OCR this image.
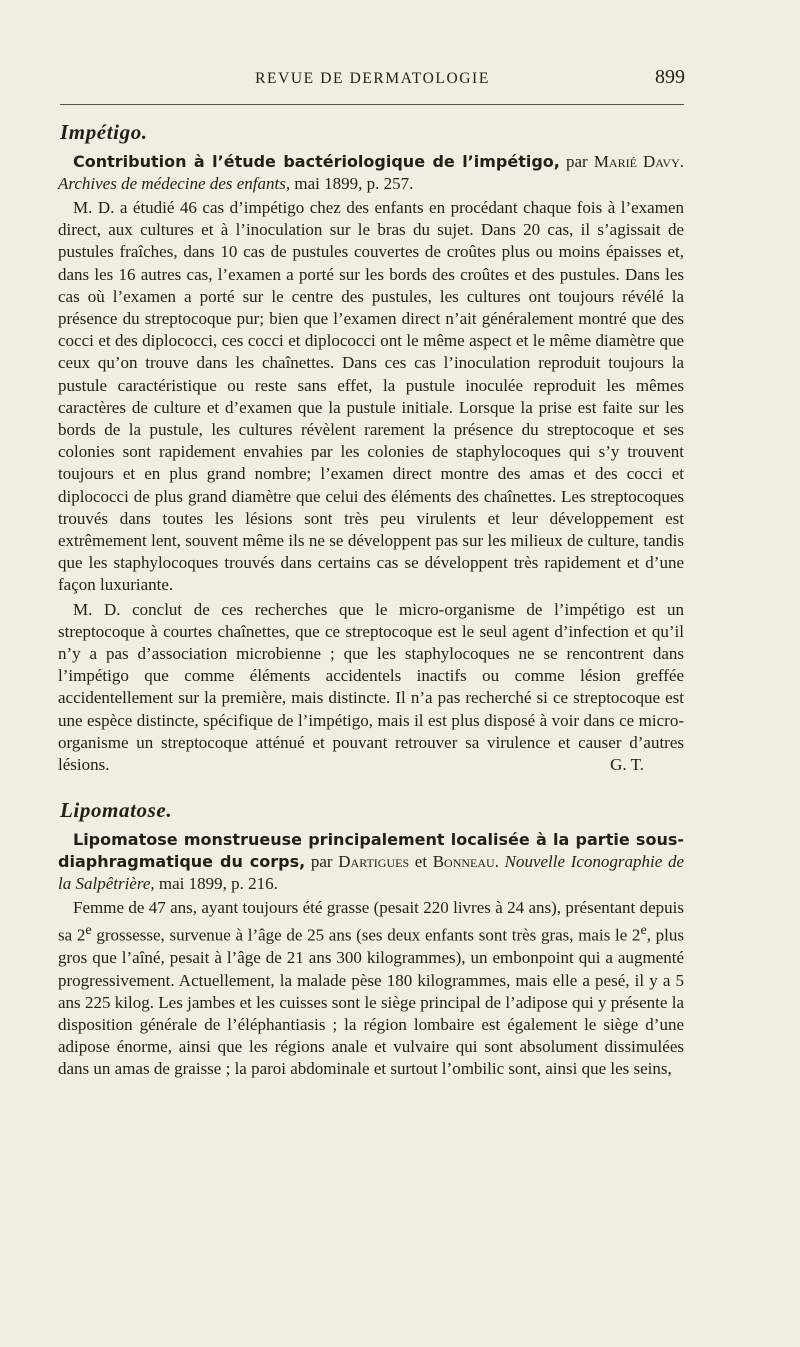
REVUE DE DERMATOLOGIE	899
Impétigo.

Contribution à l’étude bactériologique de l’impétigo, par Marié Davy. Archives de médecine des enfants, mai 1899, p. 257.

M. D. a étudié 46 cas d’impétigo chez des enfants en procédant chaque fois à l’examen direct, aux cultures et à l’inoculation sur le bras du sujet. Dans 20 cas, il s’agissait de pustules fraîches, dans 10 cas de pustules couvertes de croûtes plus ou moins épaisses et, dans les 16 autres cas, l’examen a porté sur les bords des croûtes et des pustules. Dans les cas où l’examen a porté sur le centre des pustules, les cultures ont toujours révélé la présence du streptocoque pur; bien que l’examen direct n’ait généralement montré que des cocci et des diplococci, ces cocci et diplococci ont le même aspect et le même diamètre que ceux qu’on trouve dans les chaînettes. Dans ces cas l’inoculation reproduit toujours la pustule caractéristique ou reste sans effet, la pustule inoculée reproduit les mêmes caractères de culture et d’examen que la pustule initiale. Lorsque la prise est faite sur les bords de la pustule, les cultures révèlent rarement la présence du streptocoque et ses colonies sont rapidement envahies par les colonies de staphylocoques qui s’y trouvent toujours et en plus grand nombre; l’examen direct montre des amas et des cocci et diplococci de plus grand diamètre que celui des éléments des chaînettes. Les streptocoques trouvés dans toutes les lésions sont très peu virulents et leur développement est extrêmement lent, souvent même ils ne se développent pas sur les milieux de culture, tandis que les staphylocoques trouvés dans certains cas se développent très rapidement et d’une façon luxuriante.

M. D. conclut de ces recherches que le micro-organisme de l’impétigo est un streptocoque à courtes chaînettes, que ce streptocoque est le seul agent d’infection et qu’il n’y a pas d’association microbienne ; que les staphylocoques ne se rencontrent dans l’impétigo que comme éléments accidentels inactifs ou comme lésion greffée accidentellement sur la première, mais distincte. Il n’a pas recherché si ce streptocoque est une espèce distincte, spécifique de l’impétigo, mais il est plus disposé à voir dans ce micro-organisme un streptocoque atténué et pouvant retrouver sa virulence et causer d’autres lésions.	G. T.

Lipomatose.

Lipomatose monstrueuse principalement localisée à la partie sous-diaphragmatique du corps, par Dartigues et Bonneau. Nouvelle Iconographie de la Salpêtrière, mai 1899, p. 216.

Femme de 47 ans, ayant toujours été grasse (pesait 220 livres à 24 ans), présentant depuis sa 2e grossesse, survenue à l’âge de 25 ans (ses deux enfants sont très gras, mais le 2e, plus gros que l’aîné, pesait à l’âge de 21 ans 300 kilogrammes), un embonpoint qui a augmenté progressivement. Actuellement, la malade pèse 180 kilogrammes, mais elle a pesé, il y a 5 ans 225 kilog. Les jambes et les cuisses sont le siège principal de l’adipose qui y présente la disposition générale de l’éléphantiasis ; la région lombaire est également le siège d’une adipose énorme, ainsi que les régions anale et vulvaire qui sont absolument dissimulées dans un amas de graisse ; la paroi abdominale et surtout l’ombilic sont, ainsi que les seins,
